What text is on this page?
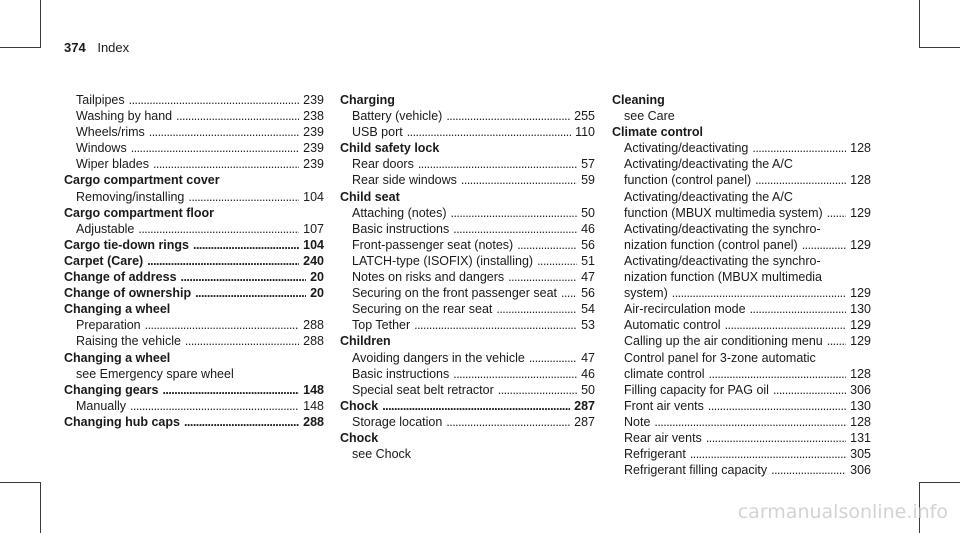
374 Index
Tailpipes . . .	239
Washing by hand . . .	238
Wheels/rims . . .	239
Windows . . .	239
Wiper blades . . .	239
Cargo compartment cover
Removing/installing . . .	104
Cargo compartment floor
Adjustable . . .	107
Cargo tie-down rings . . .	104
Carpet (Care) . . .	240
Change of address . . .	20
Change of ownership . . .	20
Changing a wheel
Preparation . . .	288
Raising the vehicle . . .	288
Changing a wheel
see Emergency spare wheel
Changing gears . . .	148
Manually . . .	148
Changing hub caps . . .	288
Charging
Battery (vehicle) . . .	255
USB port . . .	110
Child safety lock
Rear doors . . .	57
Rear side windows . . .	59
Child seat
Attaching (notes) . . .	50
Basic instructions . . .	46
Front-passenger seat (notes) . . .	56
LATCH-type (ISOFIX) (installing) . . .	51
Notes on risks and dangers . . .	47
Securing on the front passenger seat . . . 56
Securing on the rear seat . . .	54
Top Tether . . .	53
Children
Avoiding dangers in the vehicle . . .	47
Basic instructions . . .	46
Special seat belt retractor . . .	50
Chock . . .	287
Storage location . . .	287
Chock
see Chock
Cleaning
see Care
Climate control
Activating/deactivating . . .	128
Activating/deactivating the A/C
function (control panel) . . .	128
Activating/deactivating the A/C
function (MBUX multimedia system) . . . 129
Activating/deactivating the synchro-
nization function (control panel) . . .	129
Activating/deactivating the synchro-
nization function (MBUX multimedia
system) . . .	129
Air-recirculation mode . . .	130
Automatic control . . .	129
Calling up the air conditioning menu . . . 129
Control panel for 3-zone automatic
climate control . . .	128
Filling capacity for PAG oil . . .	306
Front air vents . . .	130
Note . . .	128
Rear air vents . . .	131
Refrigerant . . .	305
Refrigerant filling capacity . . .	306
carmanualsonline.info
